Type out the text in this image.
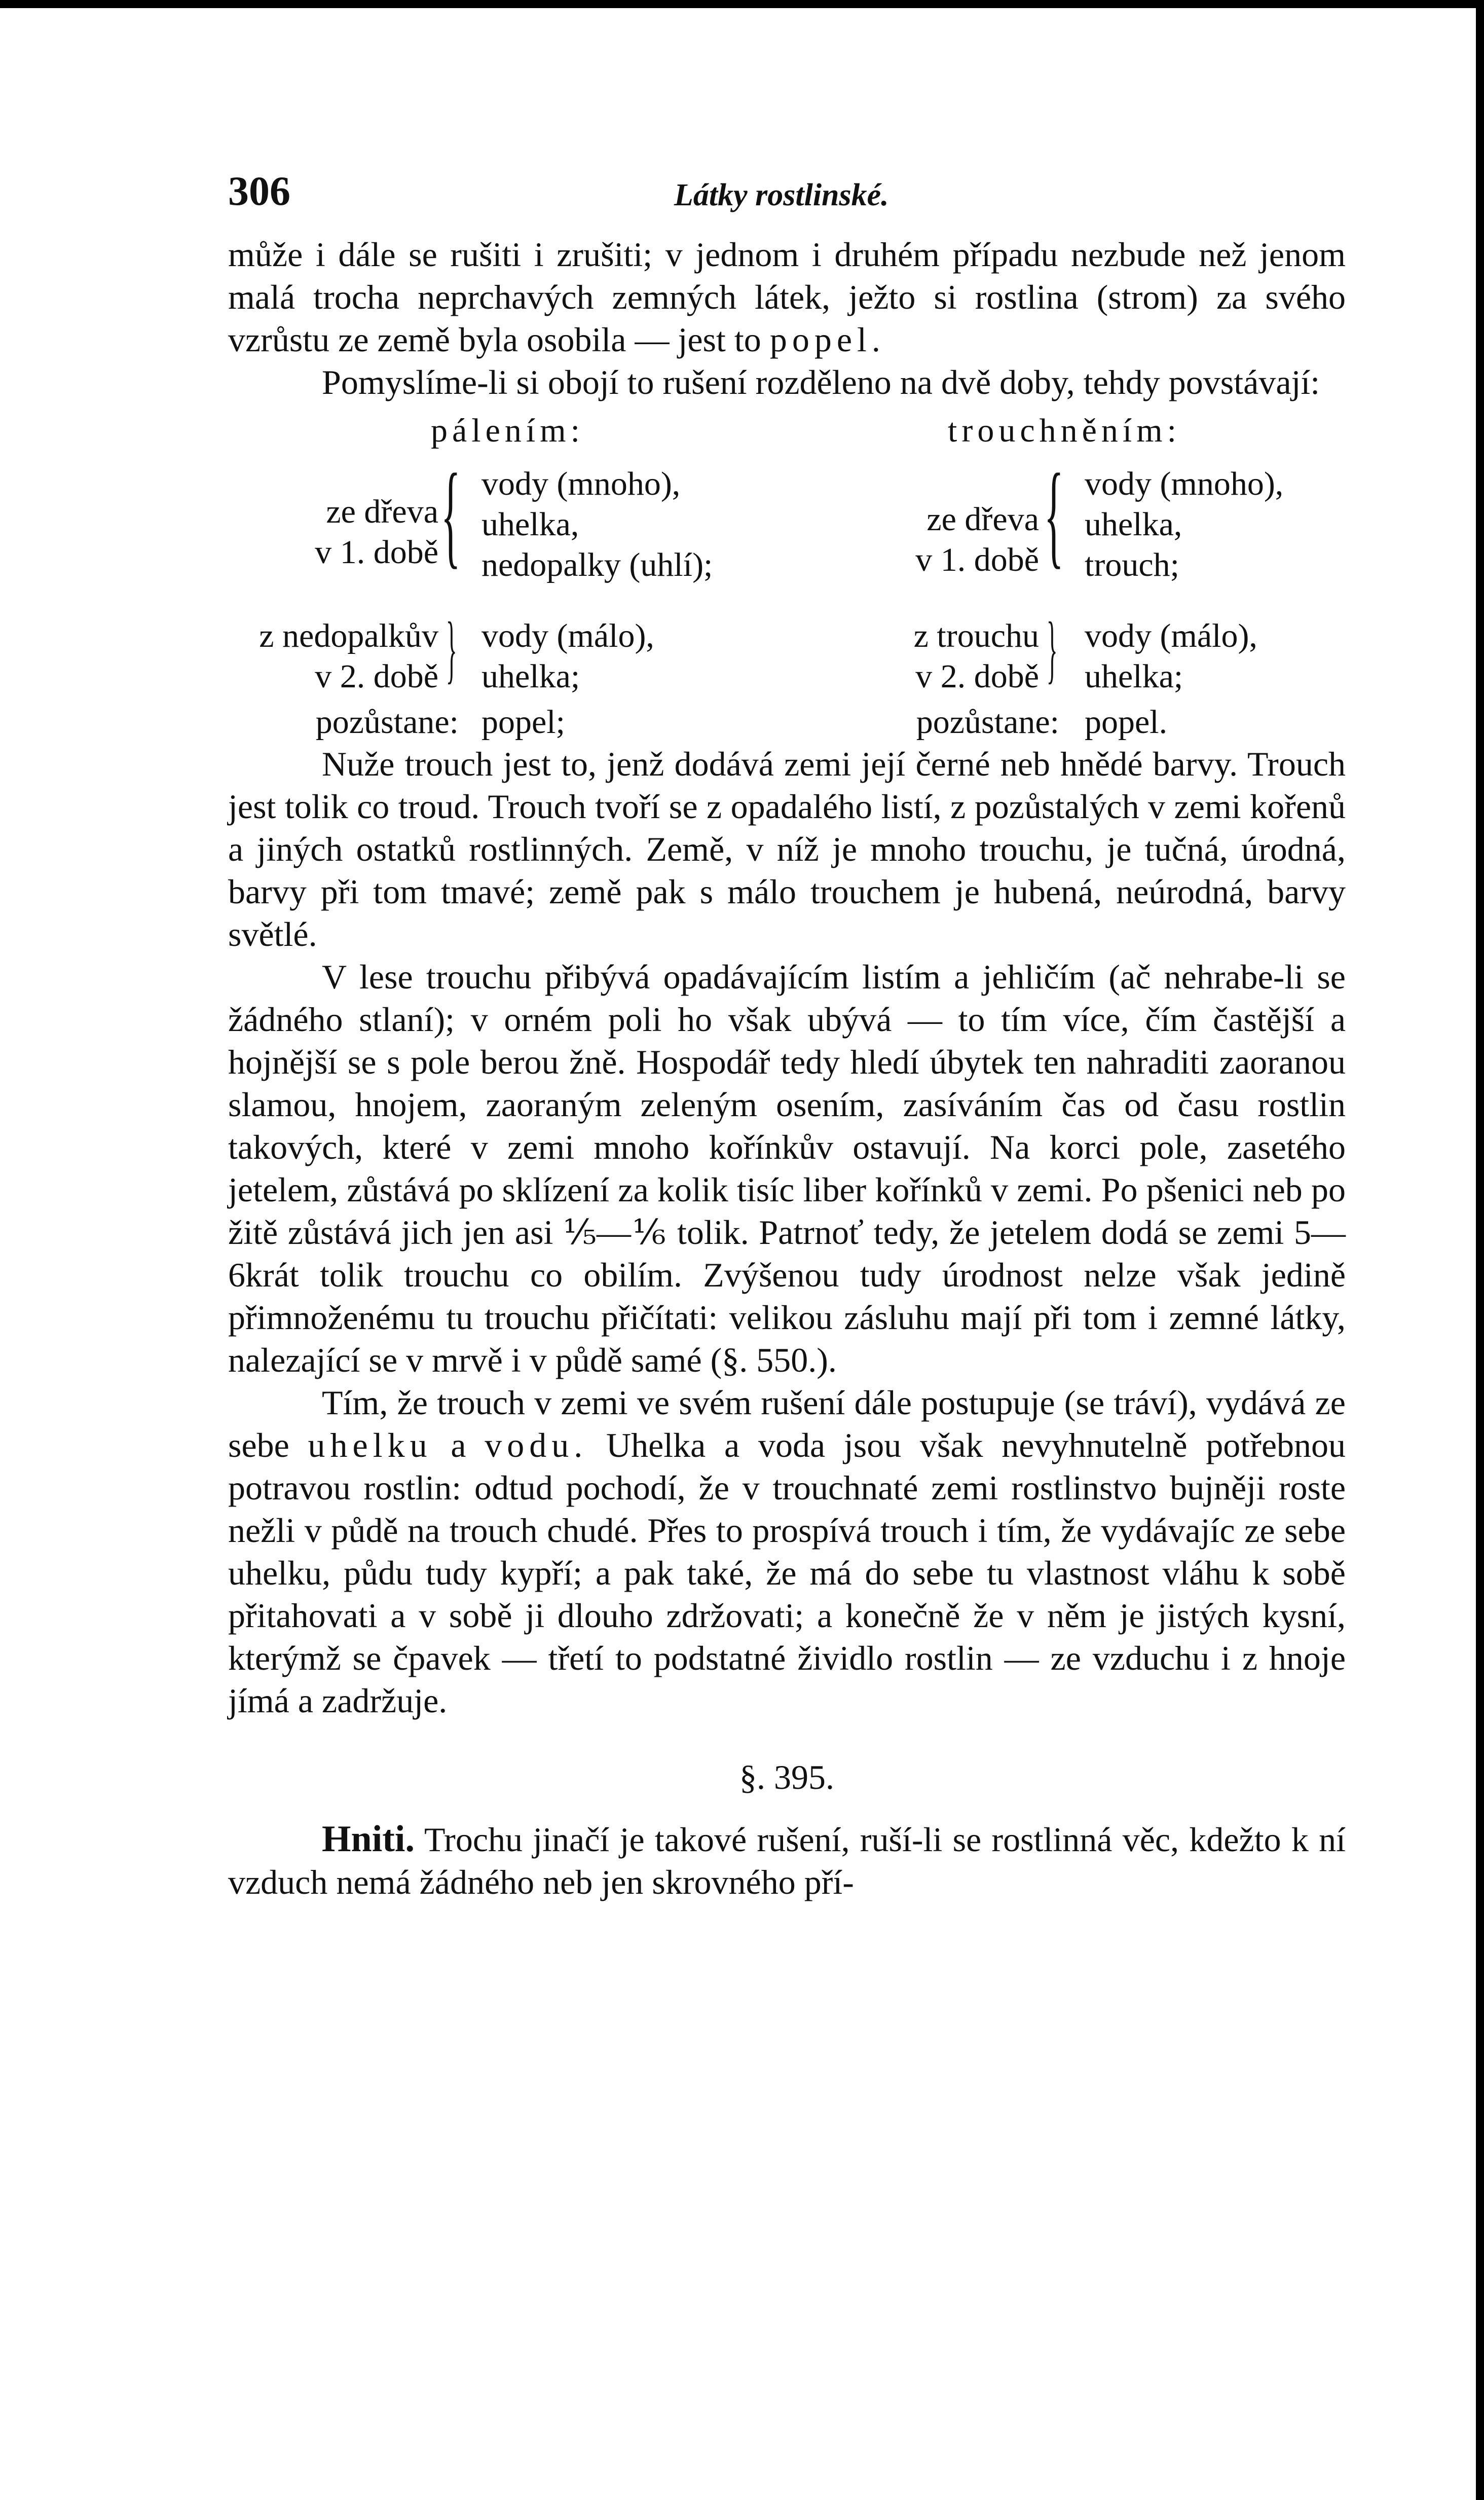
306	Látky rostlinské.

může i dále se rušiti i zrušiti; v jednom i druhém případu nezbude než jenom malá trocha neprchavých zemných látek, ježto si rostlina (strom) za svého vzrůstu ze země byla osobila — jest to popel.

Pomyslíme-li si obojí to rušení rozděleno na dvě doby, tehdy povstávají:

pálením:
ze dřeva
v 1. době { vody (mnoho),
uhelka,
nedopalky (uhlí);
z nedopalkův
v 2. době } vody (málo),
uhelka;
pozůstane: popel;
trouchněním:
ze dřeva
v 1. době { vody (mnoho),
uhelka,
trouch;
z trouchu
v 2. době } vody (málo),
uhelka;
pozůstane: popel.

Nuže trouch jest to, jenž dodává zemi její černé neb hnědé barvy. Trouch jest tolik co troud. Trouch tvoří se z opadalého listí, z pozůstalých v zemi kořenů a jiných ostatků rostlinných. Země, v níž je mnoho trouchu, je tučná, úrodná, barvy při tom tmavé; země pak s málo trouchem je hubená, neúrodná, barvy světlé.

V lese trouchu přibývá opadávajícím listím a jehličím (ač nehrabe-li se žádného stlaní); v orném poli ho však ubývá — to tím více, čím častější a hojnější se s pole berou žně. Hospodář tedy hledí úbytek ten nahraditi zaoranou slamou, hnojem, zaoraným zeleným osením, zasíváním čas od času rostlin takových, které v zemi mnoho kořínkův ostavují. Na korci pole, zasetého jetelem, zůstává po sklízení za kolik tisíc liber kořínků v zemi. Po pšenici neb po žitě zůstává jich jen asi ⅕—⅙ tolik. Patrnoť tedy, že jetelem dodá se zemi 5—6krát tolik trouchu co obilím. Zvýšenou tudy úrodnost nelze však jedině přimnoženému tu trouchu přičítati: velikou zásluhu mají při tom i zemné látky, nalezající se v mrvě i v půdě samé (§. 550.).

Tím, že trouch v zemi ve svém rušení dále postupuje (se tráví), vydává ze sebe uhelku a vodu. Uhelka a voda jsou však nevyhnutelně potřebnou potravou rostlin: odtud pochodí, že v trouchnaté zemi rostlinstvo bujněji roste nežli v půdě na trouch chudé. Přes to prospívá trouch i tím, že vydávajíc ze sebe uhelku, půdu tudy kypří; a pak také, že má do sebe tu vlastnost vláhu k sobě přitahovati a v sobě ji dlouho zdržovati; a konečně že v něm je jistých kysní, kterýmž se čpavek — třetí to podstatné žividlo rostlin — ze vzduchu i z hnoje jímá a zadržuje.

§. 395.

Hniti. Trochu jinačí je takové rušení, ruší-li se rostlinná věc, kdežto k ní vzduch nemá žádného neb jen skrovného pří-
